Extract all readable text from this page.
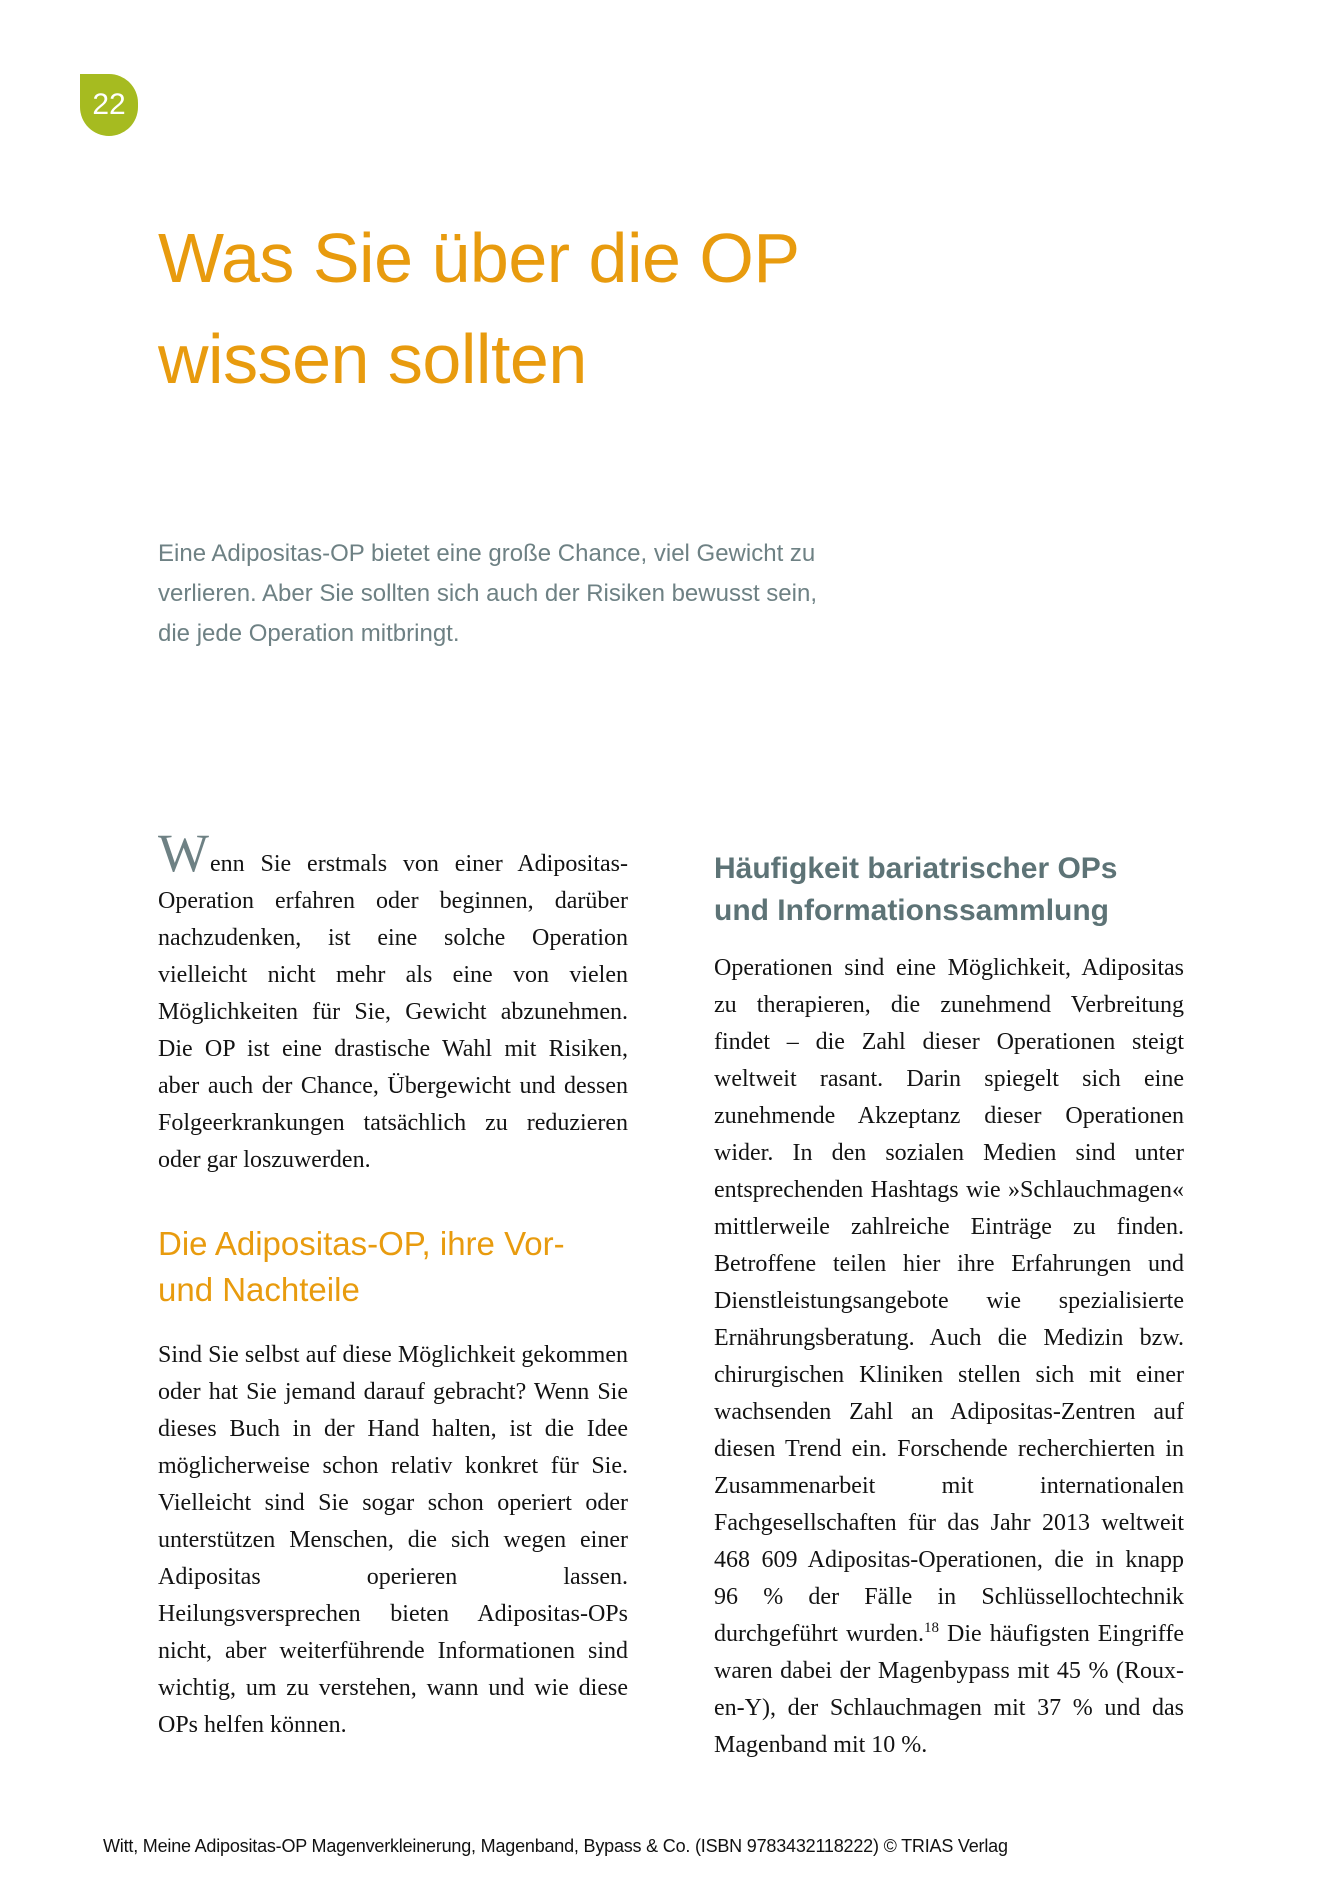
22
Was Sie über die OP
wissen sollten

Eine Adipositas-OP bietet eine große Chance, viel Gewicht zu
verlieren. Aber Sie sollten sich auch der Risiken bewusst sein,
die jede Operation mitbringt.

Wenn Sie erstmals von einer Adipositas-Operation erfahren oder beginnen, darüber nachzudenken, ist eine solche Operation vielleicht nicht mehr als eine von vielen Möglichkeiten für Sie, Gewicht abzunehmen. Die OP ist eine drastische Wahl mit Risiken, aber auch der Chance, Übergewicht und dessen Folgeerkrankungen tatsächlich zu reduzieren oder gar loszuwerden.

Die Adipositas-OP, ihre Vor-
und Nachteile

Sind Sie selbst auf diese Möglichkeit gekommen oder hat Sie jemand darauf gebracht? Wenn Sie dieses Buch in der Hand halten, ist die Idee möglicherweise schon relativ konkret für Sie. Vielleicht sind Sie sogar schon operiert oder unterstützen Menschen, die sich wegen einer Adipositas operieren lassen. Heilungsversprechen bieten Adipositas-OPs nicht, aber weiterführende Informationen sind wichtig, um zu verstehen, wann und wie diese OPs helfen können.

Häufigkeit bariatrischer OPs
und Informationssammlung

Operationen sind eine Möglichkeit, Adipositas zu therapieren, die zunehmend Verbreitung findet – die Zahl dieser Operationen steigt weltweit rasant. Darin spiegelt sich eine zunehmende Akzeptanz dieser Operationen wider. In den sozialen Medien sind unter entsprechenden Hashtags wie »Schlauchmagen« mittlerweile zahlreiche Einträge zu finden. Betroffene teilen hier ihre Erfahrungen und Dienstleistungsangebote wie spezialisierte Ernährungsberatung. Auch die Medizin bzw. chirurgischen Kliniken stellen sich mit einer wachsenden Zahl an Adipositas-Zentren auf diesen Trend ein. Forschende recherchierten in Zusammenarbeit mit internationalen Fachgesellschaften für das Jahr 2013 weltweit 468 609 Adipositas-Operationen, die in knapp 96 % der Fälle in Schlüssellochtechnik durchgeführt wurden.$^{18}$ Die häufigsten Eingriffe waren dabei der Magenbypass mit 45 % (Roux-en-Y), der Schlauchmagen mit 37 % und das Magenband mit 10 %.

Witt, Meine Adipositas-OP Magenverkleinerung, Magenband, Bypass & Co. (ISBN 9783432118222) © TRIAS Verlag
